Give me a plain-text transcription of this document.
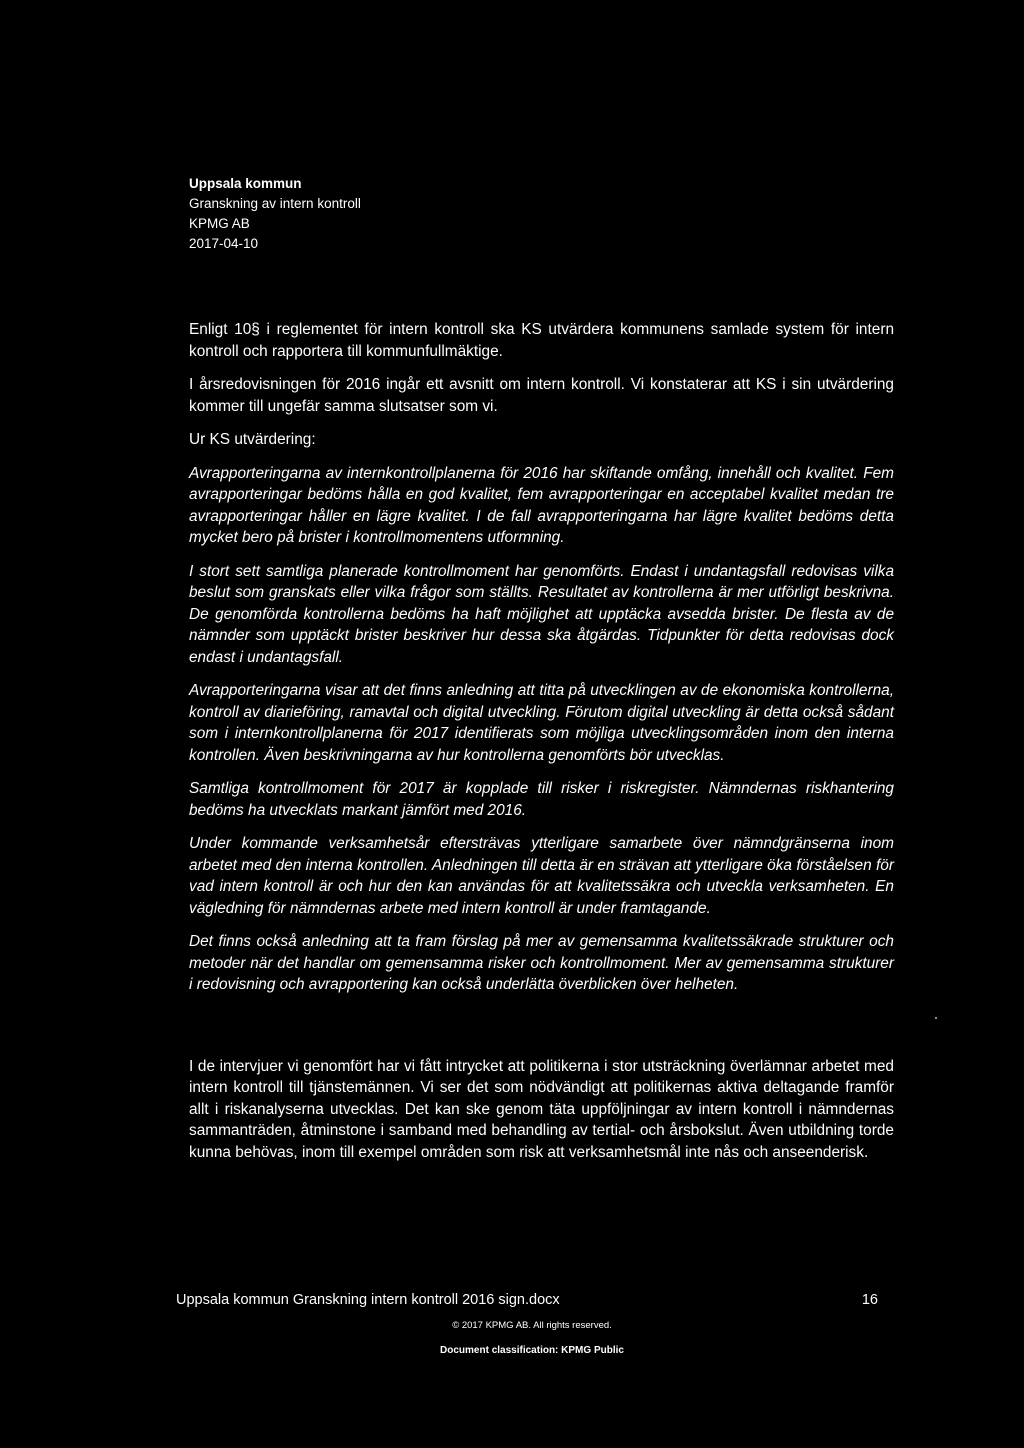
Uppsala kommun
Granskning av intern kontroll
KPMG AB
2017-04-10

Enligt 10§ i reglementet för intern kontroll ska KS utvärdera kommunens samlade system för intern kontroll och rapportera till kommunfullmäktige.

I årsredovisningen för 2016 ingår ett avsnitt om intern kontroll. Vi konstaterar att KS i sin utvärdering kommer till ungefär samma slutsatser som vi.

Ur KS utvärdering:

Avrapporteringarna av internkontrollplanerna för 2016 har skiftande omfång, innehåll och kvalitet. Fem avrapporteringar bedöms hålla en god kvalitet, fem avrapporteringar en acceptabel kvalitet medan tre avrapporteringar håller en lägre kvalitet. I de fall avrapporteringarna har lägre kvalitet bedöms detta mycket bero på brister i kontrollmomentens utformning.

I stort sett samtliga planerade kontrollmoment har genomförts. Endast i undantagsfall redovisas vilka beslut som granskats eller vilka frågor som ställts. Resultatet av kontrollerna är mer utförligt beskrivna. De genomförda kontrollerna bedöms ha haft möjlighet att upptäcka avsedda brister. De flesta av de nämnder som upptäckt brister beskriver hur dessa ska åtgärdas. Tidpunkter för detta redovisas dock endast i undantagsfall.

Avrapporteringarna visar att det finns anledning att titta på utvecklingen av de ekonomiska kontrollerna, kontroll av diarieföring, ramavtal och digital utveckling. Förutom digital utveckling är detta också sådant som i internkontrollplanerna för 2017 identifierats som möjliga utvecklingsområden inom den interna kontrollen. Även beskrivningarna av hur kontrollerna genomförts bör utvecklas.

Samtliga kontrollmoment för 2017 är kopplade till risker i riskregister. Nämndernas riskhantering bedöms ha utvecklats markant jämfört med 2016.

Under kommande verksamhetsår eftersträvas ytterligare samarbete över nämndgränserna inom arbetet med den interna kontrollen. Anledningen till detta är en strävan att ytterligare öka förståelsen för vad intern kontroll är och hur den kan användas för att kvalitetssäkra och utveckla verksamheten. En vägledning för nämndernas arbete med intern kontroll är under framtagande.

Det finns också anledning att ta fram förslag på mer av gemensamma kvalitetssäkrade strukturer och metoder när det handlar om gemensamma risker och kontrollmoment. Mer av gemensamma strukturer i redovisning och avrapportering kan också underlätta överblicken över helheten.

I de intervjuer vi genomfört har vi fått intrycket att politikerna i stor utsträckning överlämnar arbetet med intern kontroll till tjänstemännen. Vi ser det som nödvändigt att politikernas aktiva deltagande framför allt i riskanalyserna utvecklas. Det kan ske genom täta uppföljningar av intern kontroll i nämndernas sammanträden, åtminstone i samband med behandling av tertial- och årsbokslut. Även utbildning torde kunna behövas, inom till exempel områden som risk att verksamhetsmål inte nås och anseenderisk.

Uppsala kommun Granskning intern kontroll 2016 sign.docx	16
© 2017 KPMG AB. All rights reserved.
Document classification: KPMG Public
